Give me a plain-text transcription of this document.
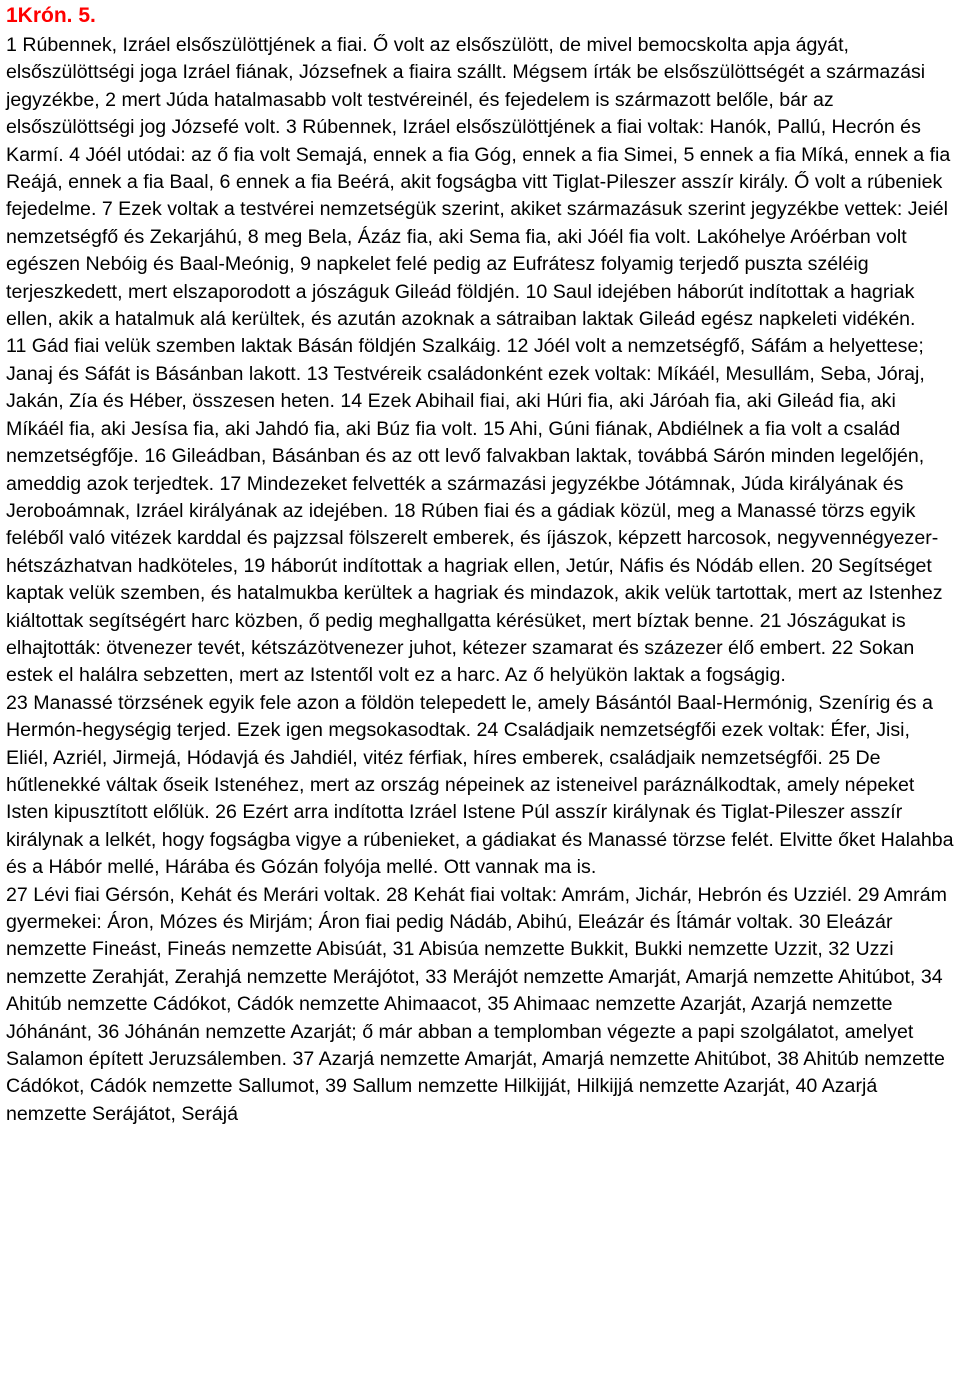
1Krón. 5.

1 Rúbennek, Izráel elsőszülöttjének a fiai. Ő volt az elsőszülött, de mivel bemocskolta apja ágyát, elsőszülöttségi joga Izráel fiának, Józsefnek a fiaira szállt. Mégsem írták be elsőszülöttségét a származási jegyzékbe, 2 mert Júda hatalmasabb volt testvéreinél, és fejedelem is származott belőle, bár az elsőszülöttségi jog Józsefé volt. 3 Rúbennek, Izráel elsőszülöttjének a fiai voltak: Hanók, Pallú, Hecrón és Karmí. 4 Jóél utódai: az ő fia volt Semajá, ennek a fia Góg, ennek a fia Simei, 5 ennek a fia Míká, ennek a fia Reájá, ennek a fia Baal, 6 ennek a fia Beérá, akit fogságba vitt Tiglat-Pileszer asszír király. Ő volt a rúbeniek fejedelme. 7 Ezek voltak a testvérei nemzetségük szerint, akiket származásuk szerint jegyzékbe vettek: Jeiél nemzetségfő és Zekarjáhú, 8 meg Bela, Ázáz fia, aki Sema fia, aki Jóél fia volt. Lakóhelye Aróérban volt egészen Nebóig és Baal-Meónig, 9 napkelet felé pedig az Eufrátesz folyamig terjedő puszta széléig terjeszkedett, mert elszaporodott a jószáguk Gileád földjén. 10 Saul idejében háborút indítottak a hagriak ellen, akik a hatalmuk alá kerültek, és azután azoknak a sátraiban laktak Gileád egész napkeleti vidékén.

11 Gád fiai velük szemben laktak Básán földjén Szalkáig. 12 Jóél volt a nemzetségfő, Sáfám a helyettese; Janaj és Sáfát is Básánban lakott. 13 Testvéreik családonként ezek voltak: Míkáél, Mesullám, Seba, Jóraj, Jakán, Zía és Héber, összesen heten. 14 Ezek Abihail fiai, aki Húri fia, aki Járóah fia, aki Gileád fia, aki Míkáél fia, aki Jesísa fia, aki Jahdó fia, aki Búz fia volt. 15 Ahi, Gúni fiának, Abdiélnek a fia volt a család nemzetségfője. 16 Gileádban, Básánban és az ott levő falvakban laktak, továbbá Sárón minden legelőjén, ameddig azok terjedtek. 17 Mindezeket felvették a származási jegyzékbe Jótámnak, Júda királyának és Jeroboámnak, Izráel királyának az idejében. 18 Rúben fiai és a gádiak közül, meg a Manassé törzs egyik feléből való vitézek karddal és pajzzsal fölszerelt emberek, és íjászok, képzett harcosok, negyvennégyezer-hétszázhatvan hadköteles, 19 háborút indítottak a hagriak ellen, Jetúr, Náfis és Nódáb ellen. 20 Segítséget kaptak velük szemben, és hatalmukba kerültek a hagriak és mindazok, akik velük tartottak, mert az Istenhez kiáltottak segítségért harc közben, ő pedig meghallgatta kérésüket, mert bíztak benne. 21 Jószágukat is elhajtották: ötvenezer tevét, kétszázötvenezer juhot, kétezer szamarat és százezer élő embert. 22 Sokan estek el halálra sebzetten, mert az Istentől volt ez a harc. Az ő helyükön laktak a fogságig.

23 Manassé törzsének egyik fele azon a földön telepedett le, amely Básántól Baal-Hermónig, Szenírig és a Hermón-hegységig terjed. Ezek igen megsokasodtak. 24 Családjaik nemzetségfői ezek voltak: Éfer, Jisi, Eliél, Azriél, Jirmejá, Hódavjá és Jahdiél, vitéz férfiak, híres emberek, családjaik nemzetségfői. 25 De hűtlenekké váltak őseik Istenéhez, mert az ország népeinek az isteneivel paráználkodtak, amely népeket Isten kipusztított előlük. 26 Ezért arra indította Izráel Istene Púl asszír királynak és Tiglat-Pileszer asszír királynak a lelkét, hogy fogságba vigye a rúbenieket, a gádiakat és Manassé törzse felét. Elvitte őket Halahba és a Hábór mellé, Hárába és Gózán folyója mellé. Ott vannak ma is.

27 Lévi fiai Gérsón, Kehát és Merári voltak. 28 Kehát fiai voltak: Amrám, Jichár, Hebrón és Uzziél. 29 Amrám gyermekei: Áron, Mózes és Mirjám; Áron fiai pedig Nádáb, Abihú, Eleázár és Ítámár voltak. 30 Eleázár nemzette Fineást, Fineás nemzette Abisúát, 31 Abisúa nemzette Bukkit, Bukki nemzette Uzzit, 32 Uzzi nemzette Zerahját, Zerahjá nemzette Merájótot, 33 Merájót nemzette Amarját, Amarjá nemzette Ahitúbot, 34 Ahitúb nemzette Cádókot, Cádók nemzette Ahimaacot, 35 Ahimaac nemzette Azarját, Azarjá nemzette Jóhánánt, 36 Jóhánán nemzette Azarját; ő már abban a templomban végezte a papi szolgálatot, amelyet Salamon épített Jeruzsálemben. 37 Azarjá nemzette Amarját, Amarjá nemzette Ahitúbot, 38 Ahitúb nemzette Cádókot, Cádók nemzette Sallumot, 39 Sallum nemzette Hilkijját, Hilkijjá nemzette Azarját, 40 Azarjá nemzette Serájátot, Serájá
